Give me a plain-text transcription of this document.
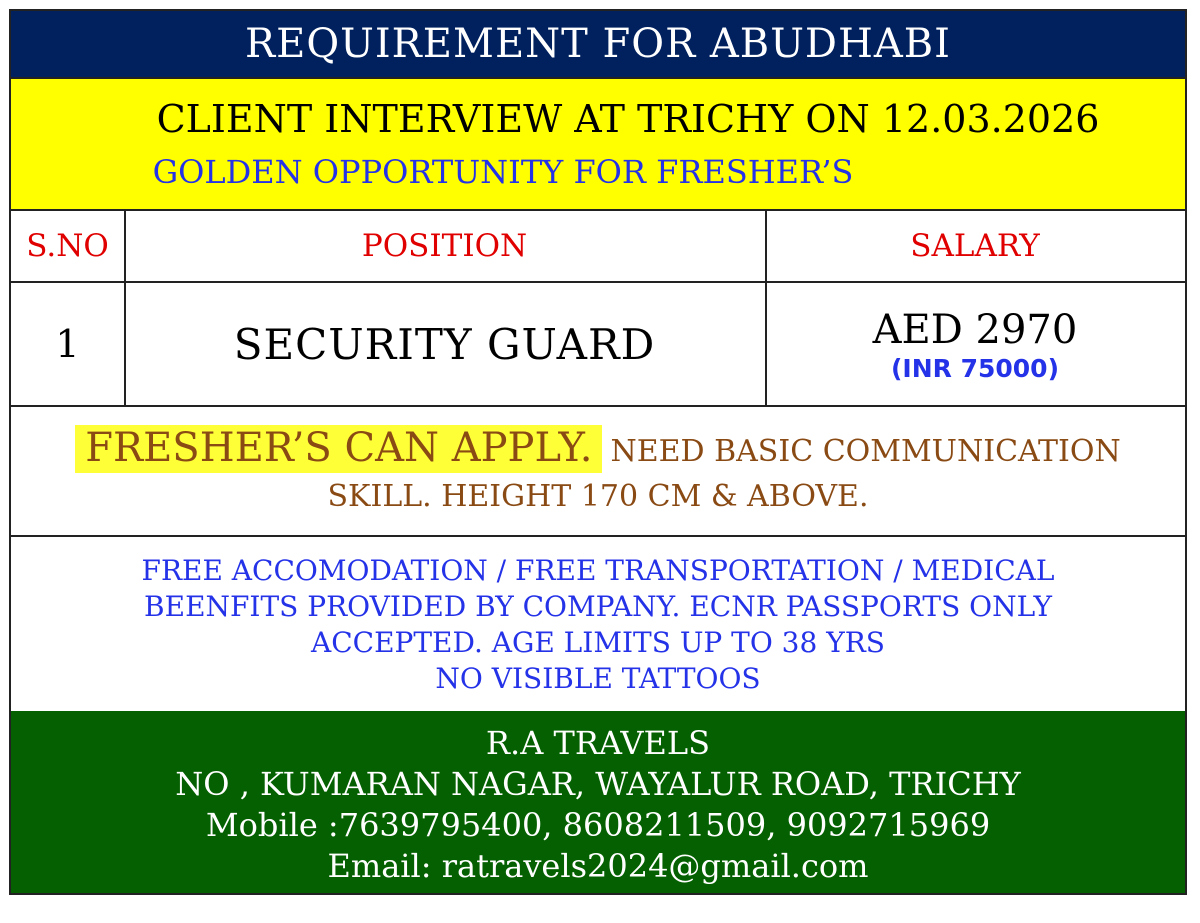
REQUIREMENT FOR ABUDHABI
CLIENT INTERVIEW AT TRICHY ON 12.03.2026
GOLDEN OPPORTUNITY FOR FRESHER’S
S.NO	POSITION	SALARY
1	SECURITY GUARD	AED 2970
(INR 75000)
FRESHER’S CAN APPLY. NEED BASIC COMMUNICATION
SKILL. HEIGHT 170 CM & ABOVE.
FREE ACCOMODATION / FREE TRANSPORTATION / MEDICAL
BEENFITS PROVIDED BY COMPANY. ECNR PASSPORTS ONLY
ACCEPTED. AGE LIMITS UP TO 38 YRS
NO VISIBLE TATTOOS
R.A TRAVELS
NO , KUMARAN NAGAR, WAYALUR ROAD, TRICHY
Mobile :7639795400, 8608211509, 9092715969
Email: ratravels2024@gmail.com
